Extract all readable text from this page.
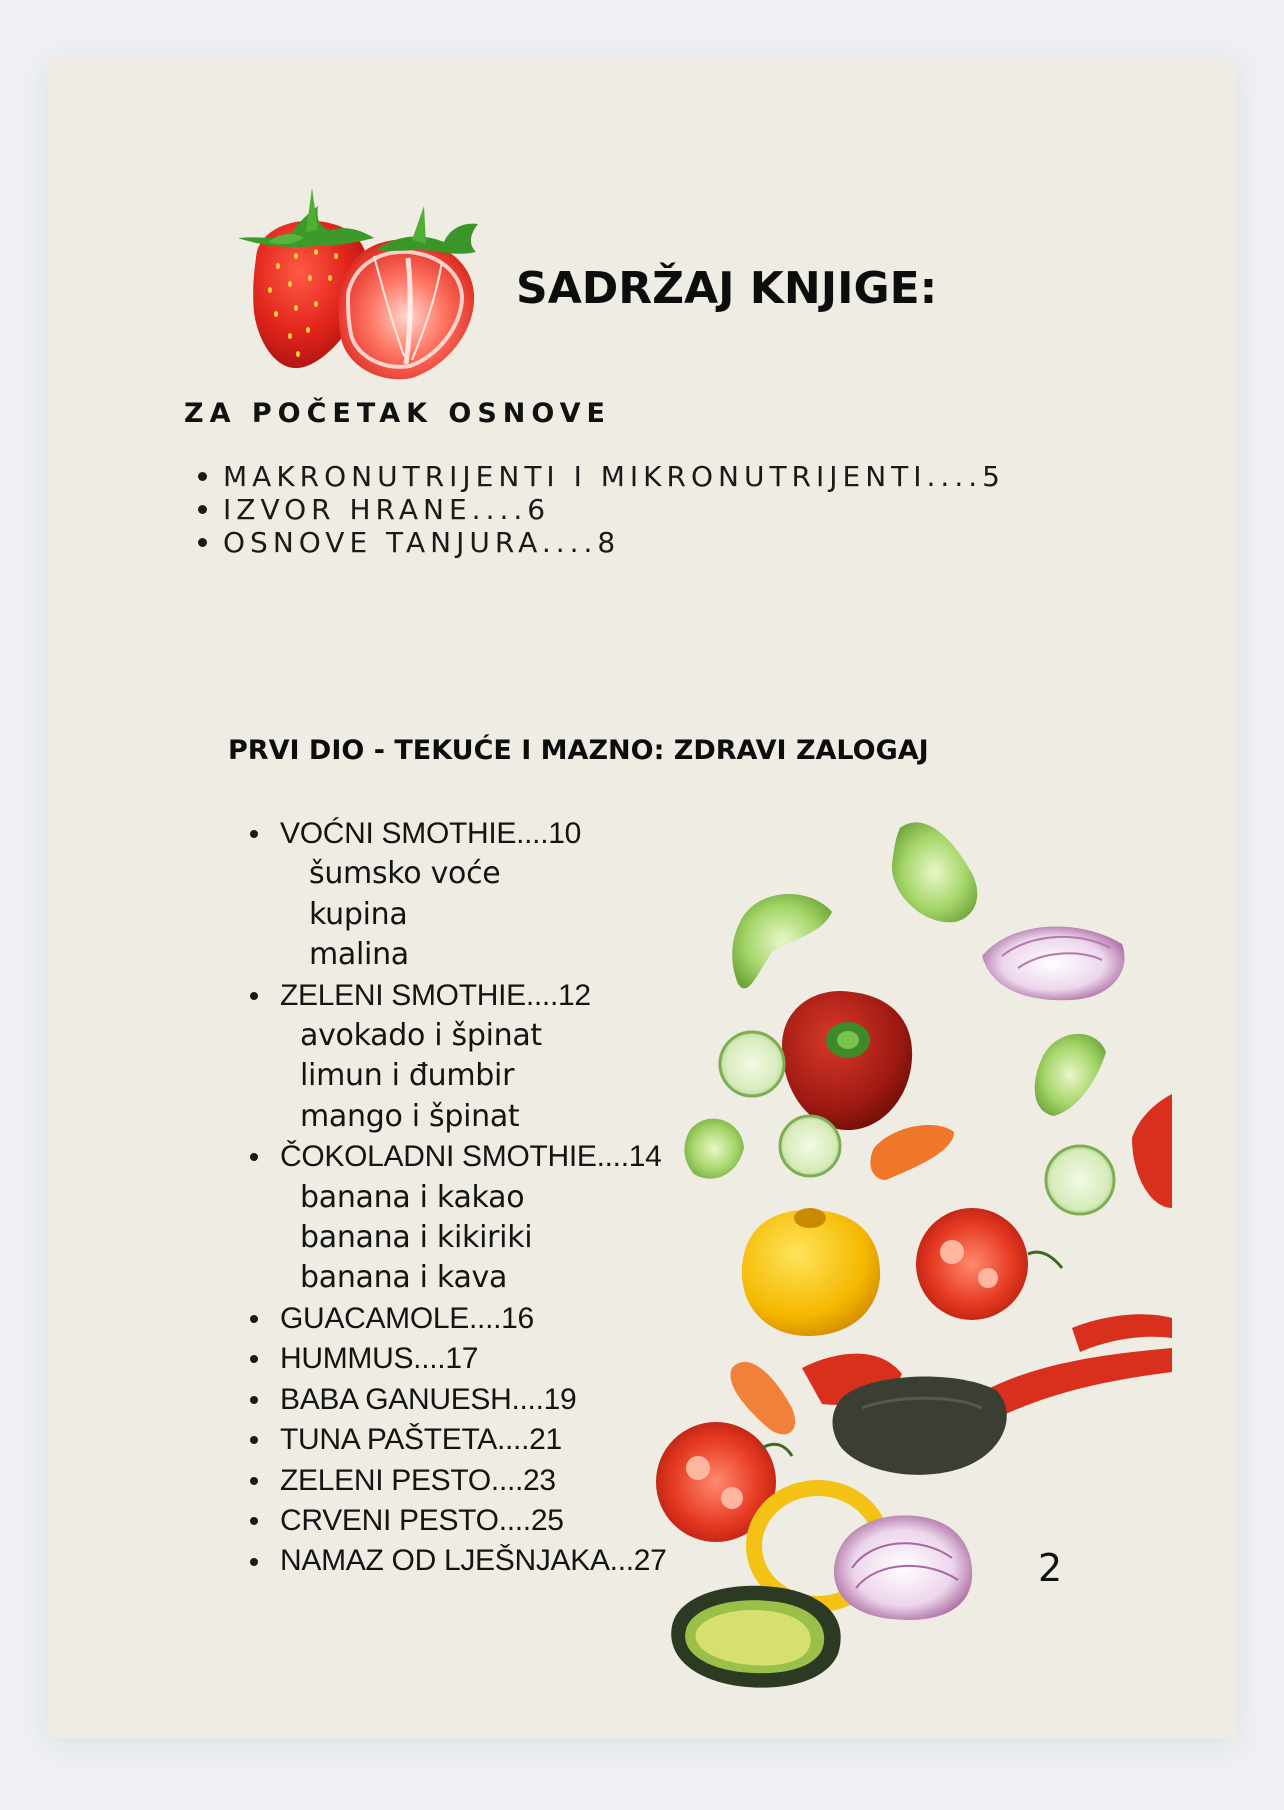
SADRŽAJ KNJIGE:
ZA POČETAK OSNOVE
MAKRONUTRIJENTI I MIKRONUTRIJENTI....5
IZVOR HRANE....6
OSNOVE TANJURA....8
PRVI DIO - TEKUĆE I MAZNO: ZDRAVI ZALOGAJ
VOĆNI SMOTHIE....10
šumsko voće
kupina
malina
ZELENI SMOTHIE....12
avokado i špinat
limun i đumbir
mango i špinat
ČOKOLADNI SMOTHIE....14
banana i kakao
banana i kikiriki
banana i kava
GUACAMOLE....16
HUMMUS....17
BABA GANUESH....19
TUNA PAŠTETA....21
ZELENI PESTO....23
CRVENI PESTO....25
NAMAZ OD LJEŠNJAKA...27	2
